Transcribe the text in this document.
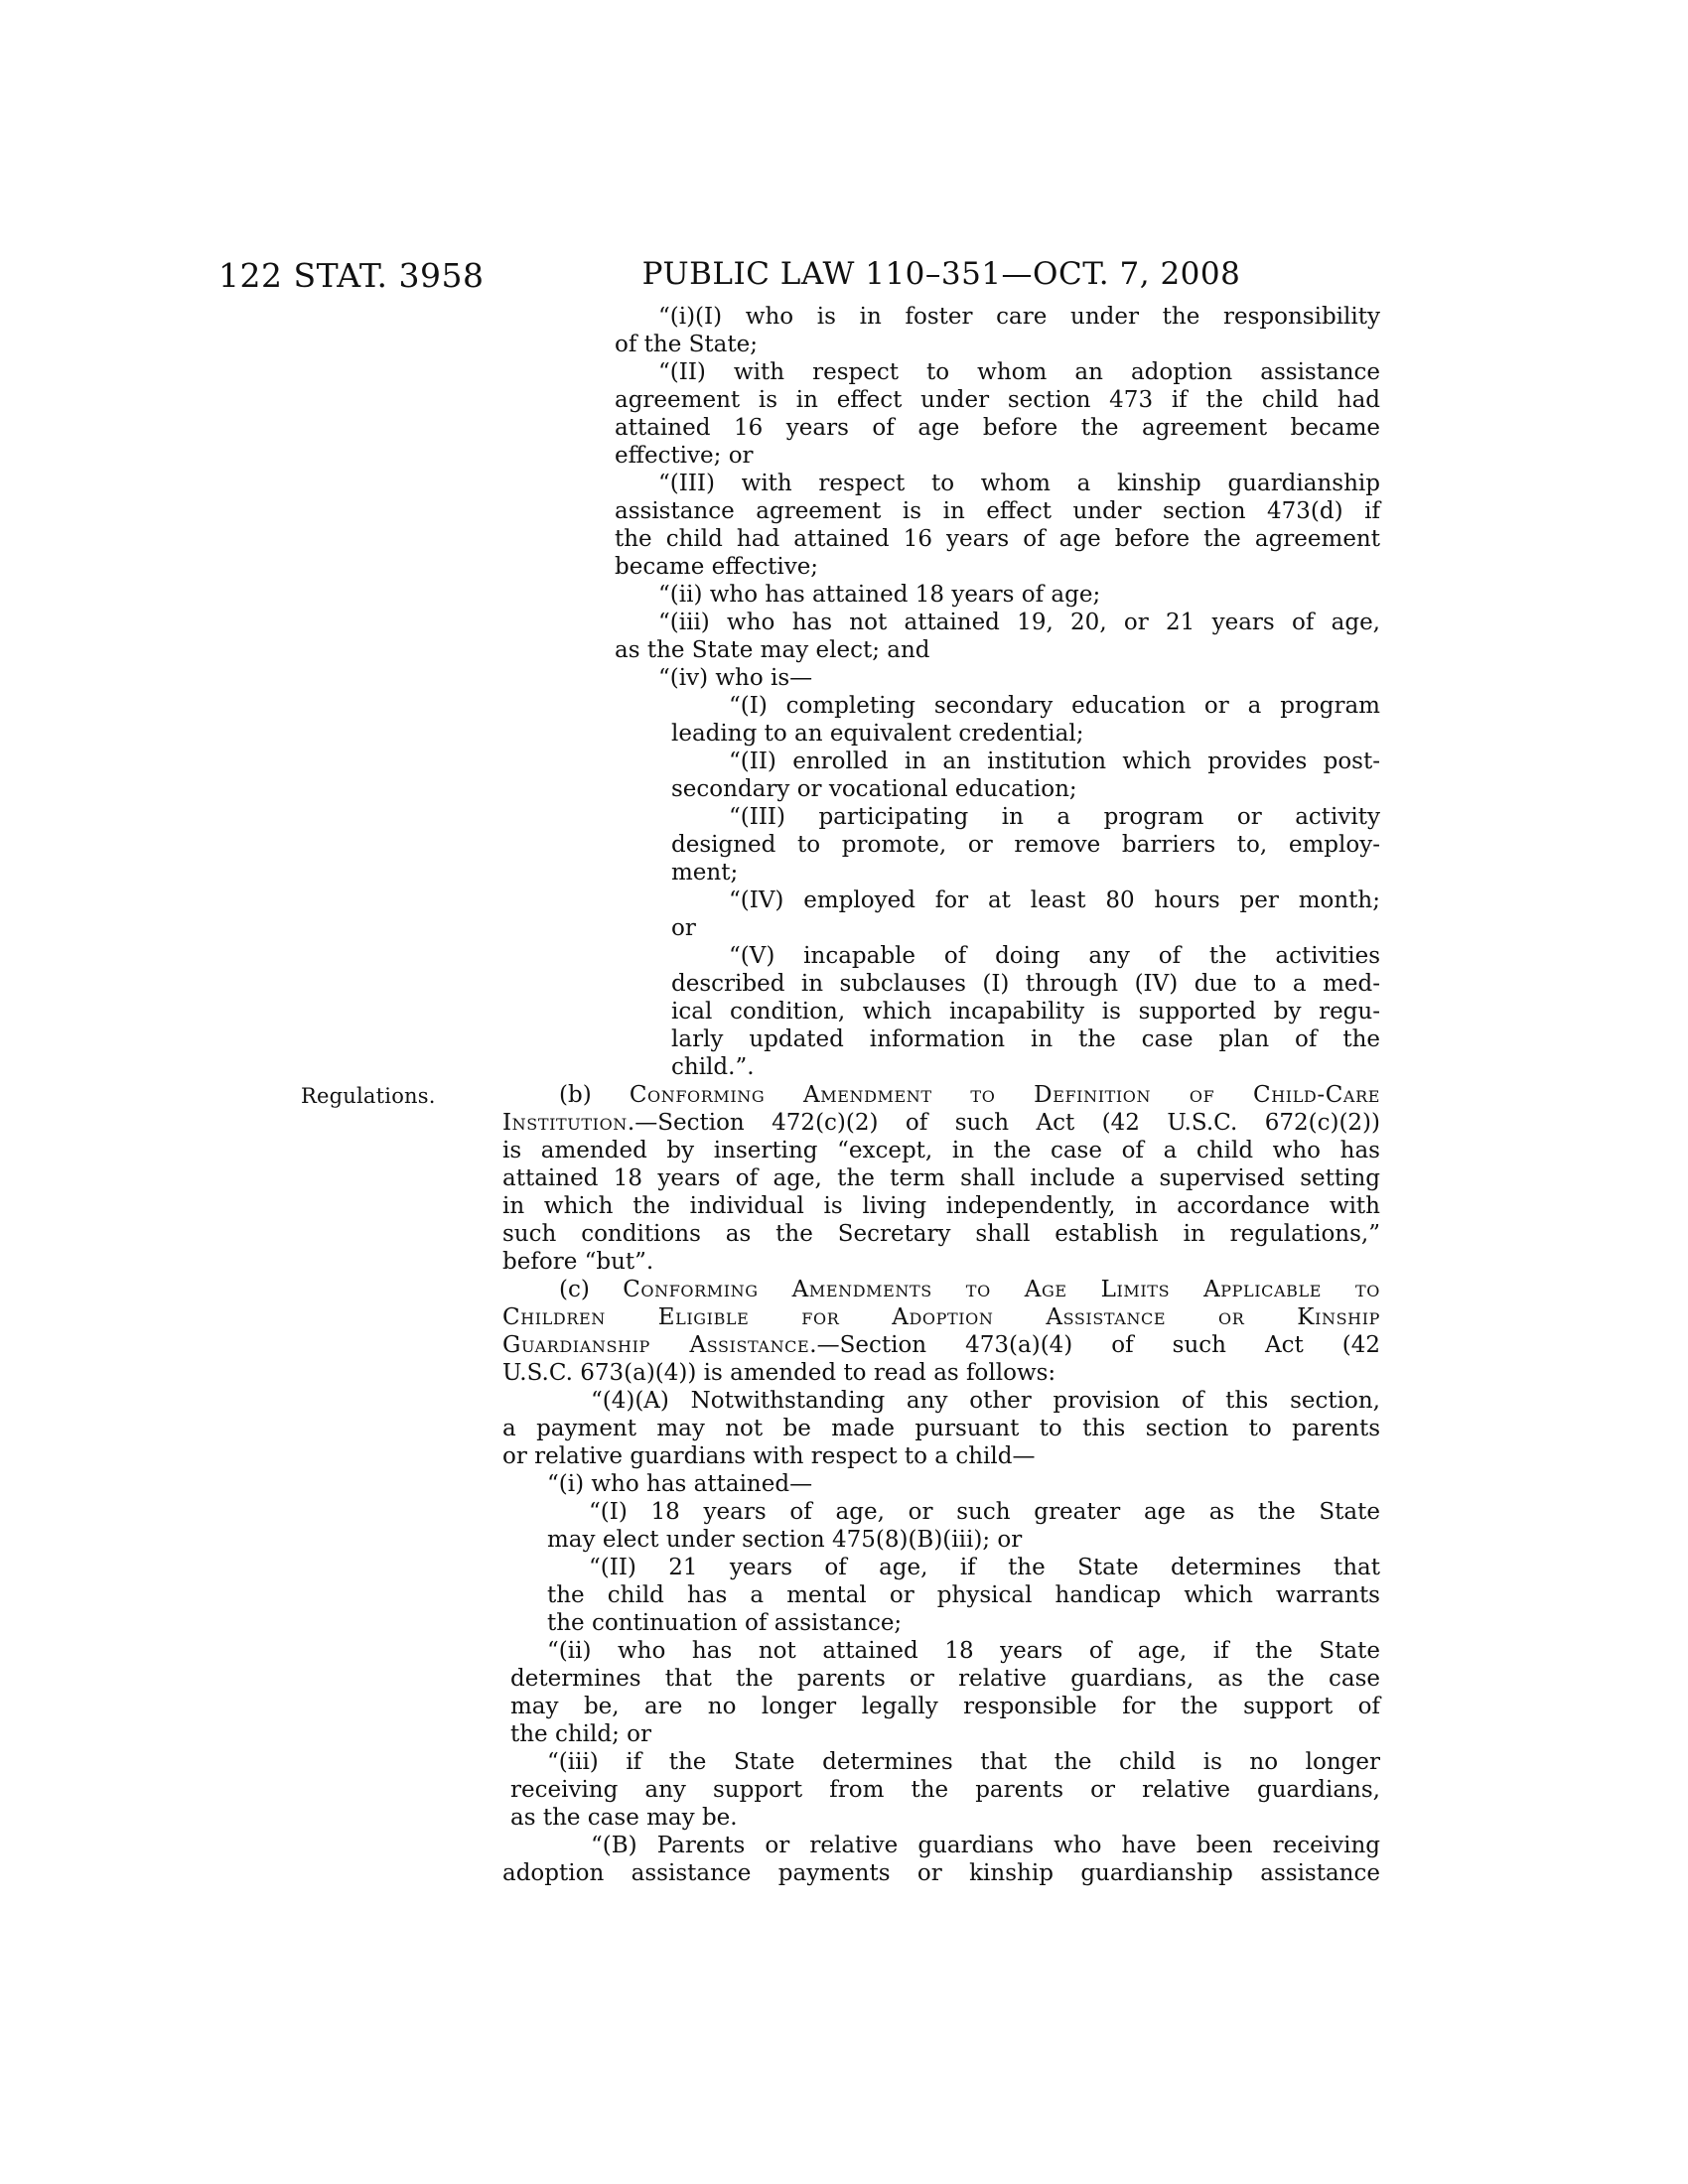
122 STAT. 3958	PUBLIC LAW 110–351—OCT. 7, 2008
Regulations.
“(i)(I) who is in foster care under the responsibility
of the State;
“(II) with respect to whom an adoption assistance
agreement is in effect under section 473 if the child had
attained 16 years of age before the agreement became
effective; or
“(III) with respect to whom a kinship guardianship
assistance agreement is in effect under section 473(d) if
the child had attained 16 years of age before the agreement
became effective;
“(ii) who has attained 18 years of age;
“(iii) who has not attained 19, 20, or 21 years of age,
as the State may elect; and
“(iv) who is—
“(I) completing secondary education or a program
leading to an equivalent credential;
“(II) enrolled in an institution which provides post-
secondary or vocational education;
“(III) participating in a program or activity
designed to promote, or remove barriers to, employ-
ment;
“(IV) employed for at least 80 hours per month;
or
“(V) incapable of doing any of the activities
described in subclauses (I) through (IV) due to a med-
ical condition, which incapability is supported by regu-
larly updated information in the case plan of the
child.”.
(b) Conforming Amendment to Definition of Child-Care
Institution.—Section 472(c)(2) of such Act (42 U.S.C. 672(c)(2))
is amended by inserting “except, in the case of a child who has
attained 18 years of age, the term shall include a supervised setting
in which the individual is living independently, in accordance with
such conditions as the Secretary shall establish in regulations,”
before “but”.
(c) Conforming Amendments to Age Limits Applicable to
Children Eligible for Adoption Assistance or Kinship
Guardianship Assistance.—Section 473(a)(4) of such Act (42
U.S.C. 673(a)(4)) is amended to read as follows:
“(4)(A) Notwithstanding any other provision of this section,
a payment may not be made pursuant to this section to parents
or relative guardians with respect to a child—
“(i) who has attained—
“(I) 18 years of age, or such greater age as the State
may elect under section 475(8)(B)(iii); or
“(II) 21 years of age, if the State determines that
the child has a mental or physical handicap which warrants
the continuation of assistance;
“(ii) who has not attained 18 years of age, if the State
determines that the parents or relative guardians, as the case
may be, are no longer legally responsible for the support of
the child; or
“(iii) if the State determines that the child is no longer
receiving any support from the parents or relative guardians,
as the case may be.
“(B) Parents or relative guardians who have been receiving
adoption assistance payments or kinship guardianship assistance
